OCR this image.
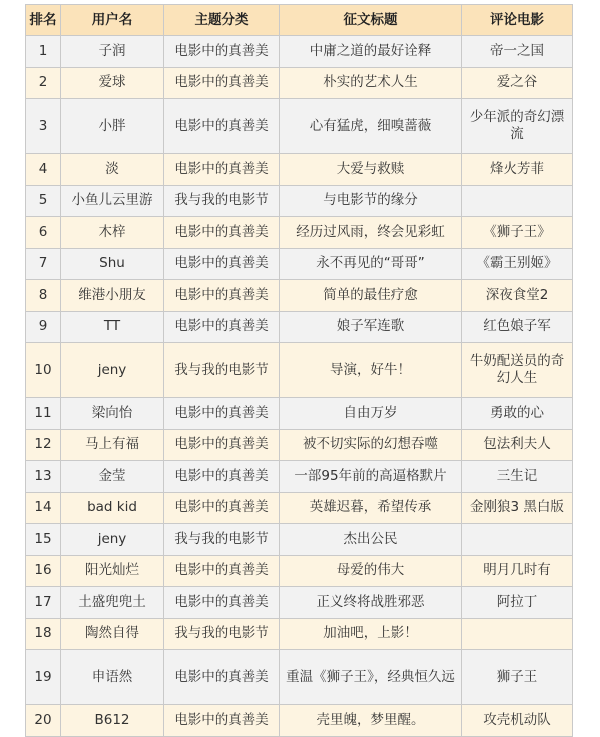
排名	用户名	主题分类	征文标题	评论电影
1	子润	电影中的真善美	中庸之道的最好诠释	帝一之国
2	爱球	电影中的真善美	朴实的艺术人生	爱之谷
3	小胖	电影中的真善美	心有猛虎，细嗅蔷薇	少年派的奇幻漂流
4	淡	电影中的真善美	大爱与救赎	烽火芳菲
5	小鱼儿云里游	我与我的电影节	与电影节的缘分	
6	木梓	电影中的真善美	经历过风雨，终会见彩虹	《狮子王》
7	Shu	电影中的真善美	永不再见的“哥哥”	《霸王别姬》
8	维港小朋友	电影中的真善美	简单的最佳疗愈	深夜食堂2
9	TT	电影中的真善美	娘子军连歌	红色娘子军
10	jeny	我与我的电影节	导演，好牛！	牛奶配送员的奇幻人生
11	梁向怡	电影中的真善美	自由万岁	勇敢的心
12	马上有福	电影中的真善美	被不切实际的幻想吞噬	包法利夫人
13	金莹	电影中的真善美	一部95年前的高逼格默片	三生记
14	bad kid	电影中的真善美	英雄迟暮，希望传承	金刚狼3 黑白版
15	jeny	我与我的电影节	杰出公民	
16	阳光灿烂	电影中的真善美	母爱的伟大	明月几时有
17	土盛兜兜土	电影中的真善美	正义终将战胜邪恶	阿拉丁
18	陶然自得	我与我的电影节	加油吧，上影！	
19	申语然	电影中的真善美	重温《狮子王》，经典恒久远	狮子王
20	B612	电影中的真善美	壳里魄，梦里醒。	攻壳机动队
